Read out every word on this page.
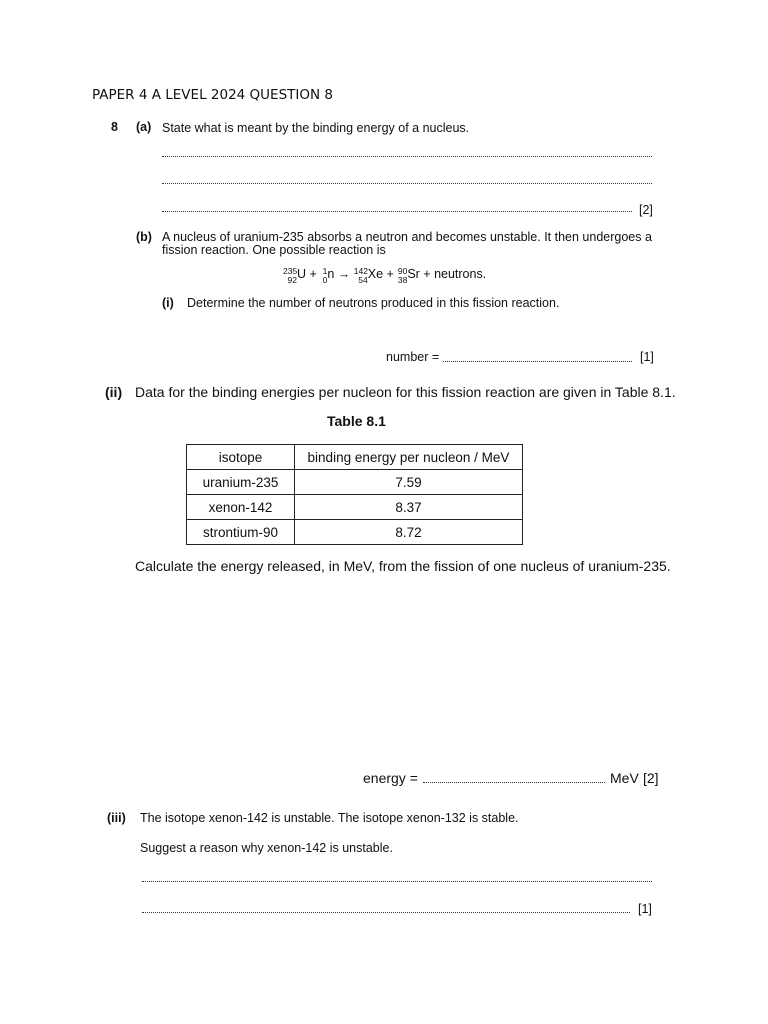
PAPER 4 A LEVEL 2024 QUESTION 8
8 (a) State what is meant by the binding energy of a nucleus.
[2]
(b) A nucleus of uranium-235 absorbs a neutron and becomes unstable. It then undergoes a
fission reaction. One possible reaction is
235
92 U + 1
0 n → 142
54 Xe + 90
38 Sr + neutrons.
(i) Determine the number of neutrons produced in this fission reaction.
number =	[1]
(ii) Data for the binding energies per nucleon for this fission reaction are given in Table 8.1.
Table 8.1
isotope	binding energy per nucleon / MeV
uranium-235	7.59
xenon-142	8.37
strontium-90	8.72
Calculate the energy released, in MeV, from the fission of one nucleus of uranium-235.
energy =	MeV [2]
(iii) The isotope xenon-142 is unstable. The isotope xenon-132 is stable.
Suggest a reason why xenon-142 is unstable.
[1]
